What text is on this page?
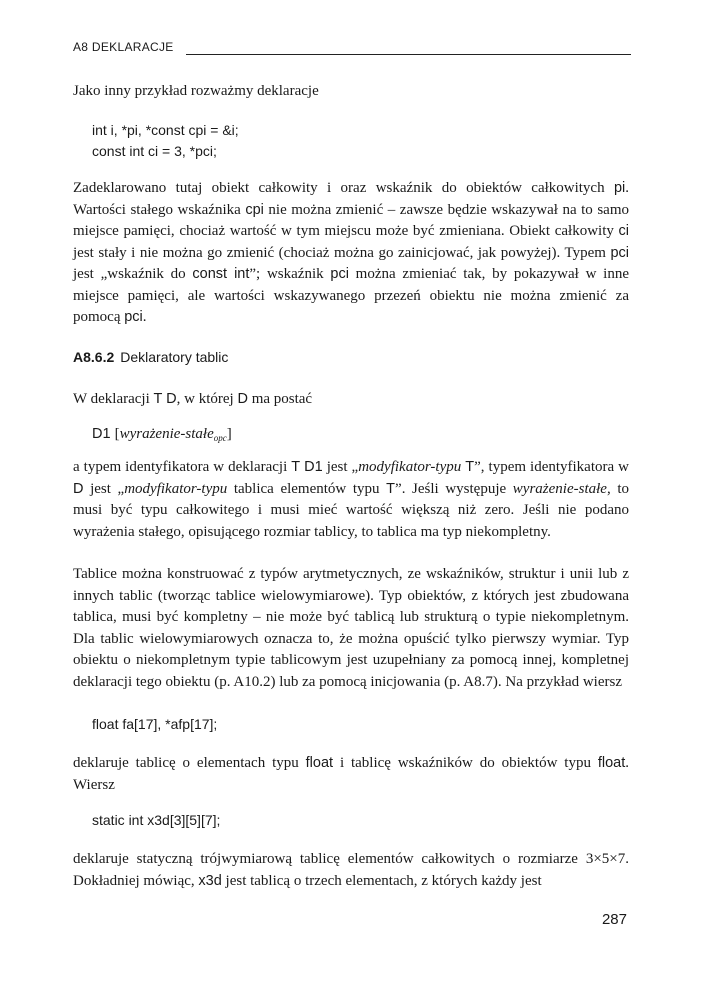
A8 DEKLARACJE
Jako inny przykład rozważmy deklaracje
int i, *pi, *const cpi = &i;
const int ci = 3, *pci;
Zadeklarowano tutaj obiekt całkowity i oraz wskaźnik do obiektów całkowitych pi. Wartości stałego wskaźnika cpi nie można zmienić – zawsze będzie wskazywał na to samo miejsce pamięci, chociaż wartość w tym miejscu może być zmieniana. Obiekt całkowity ci jest stały i nie można go zmienić (chociaż można go zainicjować, jak powyżej). Typem pci jest „wskaźnik do const int”; wskaźnik pci można zmieniać tak, by pokazywał w inne miejsce pamięci, ale wartości wskazywanego przezeń obiektu nie można zmienić za pomocą pci.
A8.6.2 Deklaratory tablic
W deklaracji T D, w której D ma postać
D1 [wyrażenie-stałe$_{opc}$]
a typem identyfikatora w deklaracji T D1 jest „modyfikator-typu T”, typem identyfikatora w D jest „modyfikator-typu tablica elementów typu T”. Jeśli występuje wyrażenie-stałe, to musi być typu całkowitego i musi mieć wartość większą niż zero. Jeśli nie podano wyrażenia stałego, opisującego rozmiar tablicy, to tablica ma typ niekompletny.
Tablice można konstruować z typów arytmetycznych, ze wskaźników, struktur i unii lub z innych tablic (tworząc tablice wielowymiarowe). Typ obiektów, z których jest zbudowana tablica, musi być kompletny – nie może być tablicą lub strukturą o typie niekompletnym. Dla tablic wielowymiarowych oznacza to, że można opuścić tylko pierwszy wymiar. Typ obiektu o niekompletnym typie tablicowym jest uzupełniany za pomocą innej, kompletnej deklaracji tego obiektu (p. A10.2) lub za pomocą inicjowania (p. A8.7). Na przykład wiersz
float fa[17], *afp[17];
deklaruje tablicę o elementach typu float i tablicę wskaźników do obiektów typu float. Wiersz
static int x3d[3][5][7];
deklaruje statyczną trójwymiarową tablicę elementów całkowitych o rozmiarze 3×5×7. Dokładniej mówiąc, x3d jest tablicą o trzech elementach, z których każdy jest
287
